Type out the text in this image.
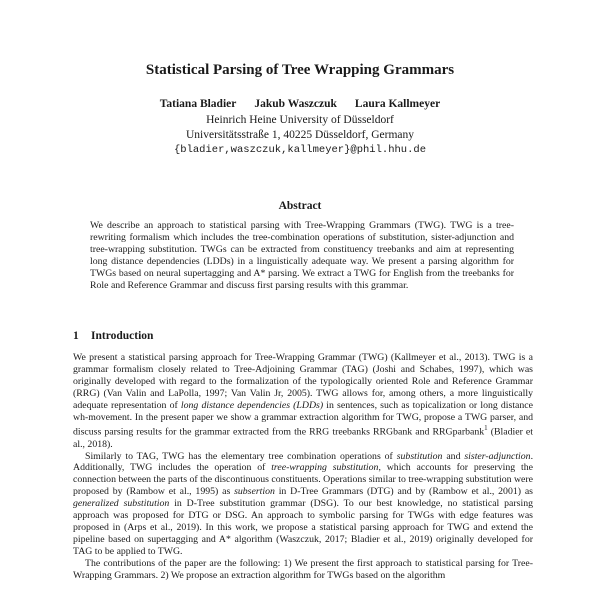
Statistical Parsing of Tree Wrapping Grammars
Tatiana Bladier Jakub Waszczuk Laura Kallmeyer
Heinrich Heine University of Düsseldorf
Universitätsstraße 1, 40225 Düsseldorf, Germany
{bladier,waszczuk,kallmeyer}@phil.hhu.de
Abstract
We describe an approach to statistical parsing with Tree-Wrapping Grammars (TWG). TWG is a tree-rewriting formalism which includes the tree-combination operations of substitution, sister-adjunction and tree-wrapping substitution. TWGs can be extracted from constituency treebanks and aim at representing long distance dependencies (LDDs) in a linguistically adequate way. We present a parsing algorithm for TWGs based on neural supertagging and A* parsing. We extract a TWG for English from the treebanks for Role and Reference Grammar and discuss first parsing results with this grammar.
1 Introduction

We present a statistical parsing approach for Tree-Wrapping Grammar (TWG) (Kallmeyer et al., 2013). TWG is a grammar formalism closely related to Tree-Adjoining Grammar (TAG) (Joshi and Schabes, 1997), which was originally developed with regard to the formalization of the typologically oriented Role and Reference Grammar (RRG) (Van Valin and LaPolla, 1997; Van Valin Jr, 2005). TWG allows for, among others, a more linguistically adequate representation of long distance dependencies (LDDs) in sentences, such as topicalization or long distance wh-movement. In the present paper we show a grammar extraction algorithm for TWG, propose a TWG parser, and discuss parsing results for the grammar extracted from the RRG treebanks RRGbank and RRGparbank$^1$ (Bladier et al., 2018).

Similarly to TAG, TWG has the elementary tree combination operations of substitution and sister-adjunction. Additionally, TWG includes the operation of tree-wrapping substitution, which accounts for preserving the connection between the parts of the discontinuous constituents. Operations similar to tree-wrapping substitution were proposed by (Rambow et al., 1995) as subsertion in D-Tree Grammars (DTG) and by (Rambow et al., 2001) as generalized substitution in D-Tree substitution grammar (DSG). To our best knowledge, no statistical parsing approach was proposed for DTG or DSG. An approach to symbolic parsing for TWGs with edge features was proposed in (Arps et al., 2019). In this work, we propose a statistical parsing approach for TWG and extend the pipeline based on supertagging and A* algorithm (Waszczuk, 2017; Bladier et al., 2019) originally developed for TAG to be applied to TWG.

The contributions of the paper are the following: 1) We present the first approach to statistical parsing for Tree-Wrapping Grammars. 2) We propose an extraction algorithm for TWGs based on the algorithm
